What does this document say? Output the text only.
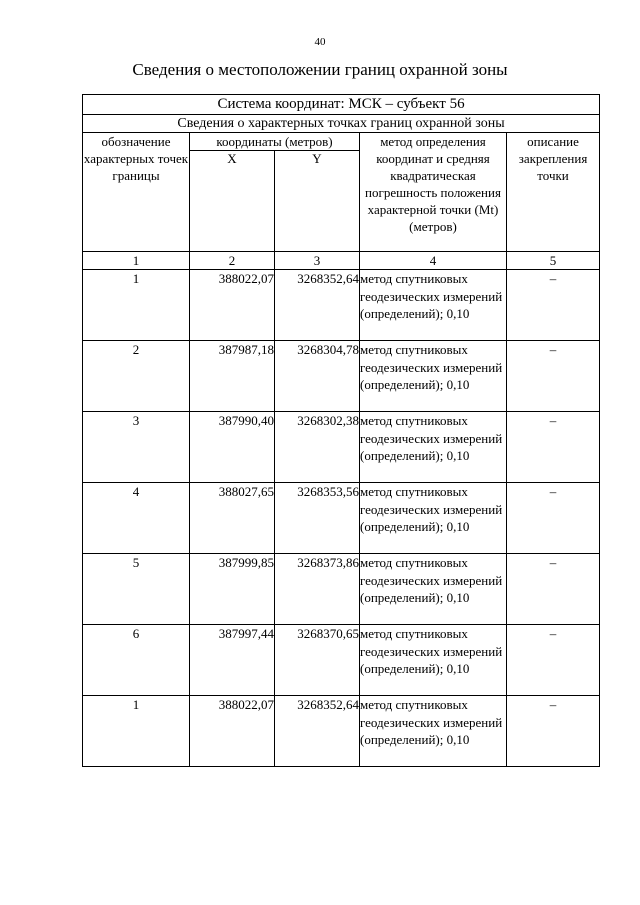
40
Сведения о местоположении границ охранной зоны
Система координат: МСК – субъект 56				
Сведения о характерных точках границ охранной зоны				
обозначение характерных точек границы	координаты (метров)		метод определения координат и средняя квадратическая погрешность положения характерной точки (Mt) (метров)	описание закрепления точки
	X	Y		
1	2	3	4	5
1	388022,07	3268352,64	метод спутниковых геодезических измерений (определений); 0,10	–
2	387987,18	3268304,78	метод спутниковых геодезических измерений (определений); 0,10	–
3	387990,40	3268302,38	метод спутниковых геодезических измерений (определений); 0,10	–
4	388027,65	3268353,56	метод спутниковых геодезических измерений (определений); 0,10	–
5	387999,85	3268373,86	метод спутниковых геодезических измерений (определений); 0,10	–
6	387997,44	3268370,65	метод спутниковых геодезических измерений (определений); 0,10	–
1	388022,07	3268352,64	метод спутниковых геодезических измерений (определений); 0,10	–
